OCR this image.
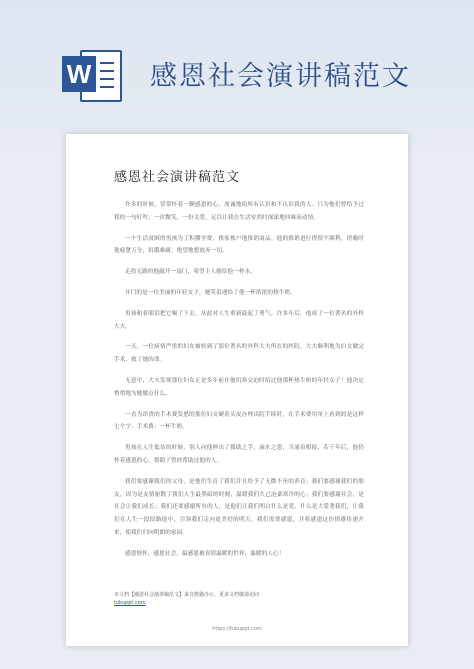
W 感恩社会演讲稿范文
感恩社会演讲稿范文

许多的时候，常常怀着一颗感恩的心，虔诚地给所有认识和不认识我的人。只为他们曾给予过我的一句叮咛，一次微笑，一份关爱，足以让我在生活安然时深深地回味而动情。

一个生活贫困的男孩为了积攒学费，挨家挨户地推销商品。他的推销进行得很不顺利，傍晚时他疲惫万分，饥饿难耐，绝望地想放弃一切。

走投无路的他敲开一扇门，希望主人能给他一杯水。

开门的是一位美丽的年轻女子，她笑着递给了他一杯浓浓的热牛奶。

男孩和着眼泪把它喝了下去，从此对人生重新鼓起了勇气。许多年后，他成了一位著名的外科大夫。

一天，一位病情严重的妇女被转到了那位著名的外科大夫所在的医院。大夫顺利地为妇女做完手术，救了她的命。

无意中，大夫发现那位妇女正是多年前在他饥寒交迫时给过他那杯热牛奶的年轻女子！他决定悄悄地为她做点什么。

一直为昂贵的手术费发愁的那位妇女硬着头皮办理出院手续时，在手术费用单上看到的是这样七个字：手术费：一杯牛奶。

男孩在人生低估的时候，别人向他伸出了援助之手，滴水之恩，当涌泉相报，若干年后，他仍怀着感恩的心，帮助了曾经帮助过他的人。

我们要感谢我们的父母，是他们生育了我们并且给予了无微不至的养育；我们要感谢我们的朋友，因为是友情驱散了我们人生最黑暗的时刻，温暖我们久已沧桑寒冷的心；我们要感谢社会，是社会让我们成长；我们还要感谢所有的人，是他们让我们明白什么是爱，什么是大爱著我们，让我们在人生一段段路途中，引领我们走向更美好的明天。我们需要感恩，并将感恩这份情感传递开来，使我们归向明朗的家园。

感恩情怀，感恩社会，最感恩被真情温暖的世界，温暖的人心！

本文档【感恩社会演讲稿范文】来自熊猫办公，更多文档敬请访问
tukuppt.com
https://tukuppt.com
